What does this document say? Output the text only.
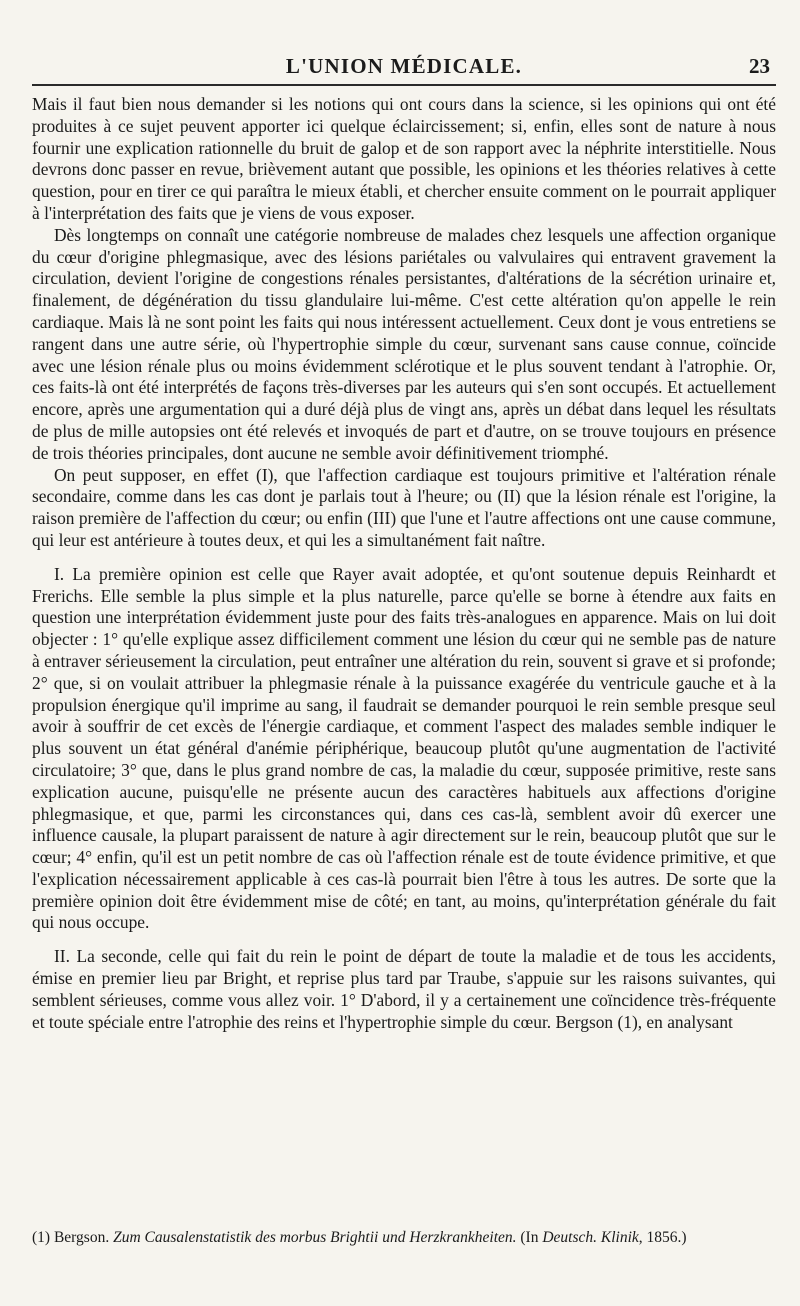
L'UNION MÉDICALE.	23

Mais il faut bien nous demander si les notions qui ont cours dans la science, si les opinions qui ont été produites à ce sujet peuvent apporter ici quelque éclaircissement; si, enfin, elles sont de nature à nous fournir une explication rationnelle du bruit de galop et de son rapport avec la néphrite interstitielle. Nous devrons donc passer en revue, brièvement autant que possible, les opinions et les théories relatives à cette question, pour en tirer ce qui paraîtra le mieux établi, et chercher ensuite comment on le pourrait appliquer à l'interprétation des faits que je viens de vous exposer.

Dès longtemps on connaît une catégorie nombreuse de malades chez lesquels une affection organique du cœur d'origine phlegmasique, avec des lésions pariétales ou valvulaires qui entravent gravement la circulation, devient l'origine de congestions rénales persistantes, d'altérations de la sécrétion urinaire et, finalement, de dégénération du tissu glandulaire lui-même. C'est cette altération qu'on appelle le rein cardiaque. Mais là ne sont point les faits qui nous intéressent actuellement. Ceux dont je vous entretiens se rangent dans une autre série, où l'hypertrophie simple du cœur, survenant sans cause connue, coïncide avec une lésion rénale plus ou moins évidemment sclérotique et le plus souvent tendant à l'atrophie. Or, ces faits-là ont été interprétés de façons très-diverses par les auteurs qui s'en sont occupés. Et actuellement encore, après une argumentation qui a duré déjà plus de vingt ans, après un débat dans lequel les résultats de plus de mille autopsies ont été relevés et invoqués de part et d'autre, on se trouve toujours en présence de trois théories principales, dont aucune ne semble avoir définitivement triomphé.

On peut supposer, en effet (I), que l'affection cardiaque est toujours primitive et l'altération rénale secondaire, comme dans les cas dont je parlais tout à l'heure; ou (II) que la lésion rénale est l'origine, la raison première de l'affection du cœur; ou enfin (III) que l'une et l'autre affections ont une cause commune, qui leur est antérieure à toutes deux, et qui les a simultanément fait naître.

I. La première opinion est celle que Rayer avait adoptée, et qu'ont soutenue depuis Reinhardt et Frerichs. Elle semble la plus simple et la plus naturelle, parce qu'elle se borne à étendre aux faits en question une interprétation évidemment juste pour des faits très-analogues en apparence. Mais on lui doit objecter : 1° qu'elle explique assez difficilement comment une lésion du cœur qui ne semble pas de nature à entraver sérieusement la circulation, peut entraîner une altération du rein, souvent si grave et si profonde; 2° que, si on voulait attribuer la phlegmasie rénale à la puissance exagérée du ventricule gauche et à la propulsion énergique qu'il imprime au sang, il faudrait se demander pourquoi le rein semble presque seul avoir à souffrir de cet excès de l'énergie cardiaque, et comment l'aspect des malades semble indiquer le plus souvent un état général d'anémie périphérique, beaucoup plutôt qu'une augmentation de l'activité circulatoire; 3° que, dans le plus grand nombre de cas, la maladie du cœur, supposée primitive, reste sans explication aucune, puisqu'elle ne présente aucun des caractères habituels aux affections d'origine phlegmasique, et que, parmi les circonstances qui, dans ces cas-là, semblent avoir dû exercer une influence causale, la plupart paraissent de nature à agir directement sur le rein, beaucoup plutôt que sur le cœur; 4° enfin, qu'il est un petit nombre de cas où l'affection rénale est de toute évidence primitive, et que l'explication nécessairement applicable à ces cas-là pourrait bien l'être à tous les autres. De sorte que la première opinion doit être évidemment mise de côté; en tant, au moins, qu'interprétation générale du fait qui nous occupe.

II. La seconde, celle qui fait du rein le point de départ de toute la maladie et de tous les accidents, émise en premier lieu par Bright, et reprise plus tard par Traube, s'appuie sur les raisons suivantes, qui semblent sérieuses, comme vous allez voir. 1° D'abord, il y a certainement une coïncidence très-fréquente et toute spéciale entre l'atrophie des reins et l'hypertrophie simple du cœur. Bergson (1), en analysant

(1) Bergson. Zum Causalenstatistik des morbus Brightii und Herzkrankheiten. (In Deutsch. Klinik, 1856.)
